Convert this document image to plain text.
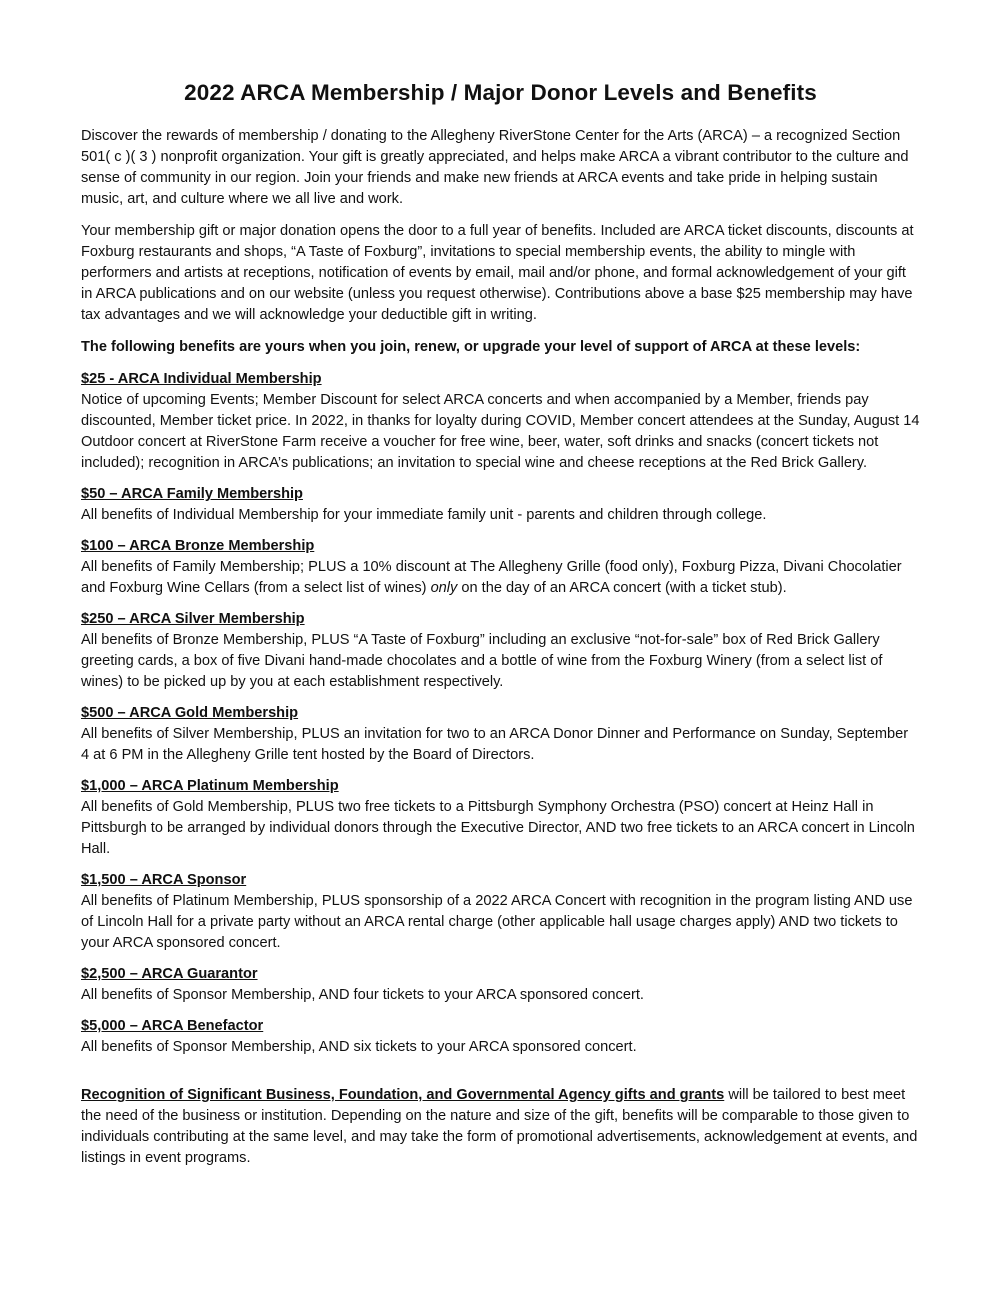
2022 ARCA Membership / Major Donor Levels and Benefits

Discover the rewards of membership / donating to the Allegheny RiverStone Center for the Arts (ARCA) – a recognized Section 501( c )( 3 ) nonprofit organization. Your gift is greatly appreciated, and helps make ARCA a vibrant contributor to the culture and sense of community in our region. Join your friends and make new friends at ARCA events and take pride in helping sustain music, art, and culture where we all live and work.

Your membership gift or major donation opens the door to a full year of benefits. Included are ARCA ticket discounts, discounts at Foxburg restaurants and shops, “A Taste of Foxburg”, invitations to special membership events, the ability to mingle with performers and artists at receptions, notification of events by email, mail and/or phone, and formal acknowledgement of your gift in ARCA publications and on our website (unless you request otherwise). Contributions above a base $25 membership may have tax advantages and we will acknowledge your deductible gift in writing.

The following benefits are yours when you join, renew, or upgrade your level of support of ARCA at these levels:

$25 - ARCA Individual Membership
Notice of upcoming Events; Member Discount for select ARCA concerts and when accompanied by a Member, friends pay discounted, Member ticket price. In 2022, in thanks for loyalty during COVID, Member concert attendees at the Sunday, August 14 Outdoor concert at RiverStone Farm receive a voucher for free wine, beer, water, soft drinks and snacks (concert tickets not included); recognition in ARCA’s publications; an invitation to special wine and cheese receptions at the Red Brick Gallery.
$50 – ARCA Family Membership
All benefits of Individual Membership for your immediate family unit - parents and children through college.
$100 – ARCA Bronze Membership
All benefits of Family Membership; PLUS a 10% discount at The Allegheny Grille (food only), Foxburg Pizza, Divani Chocolatier and Foxburg Wine Cellars (from a select list of wines) only on the day of an ARCA concert (with a ticket stub).
$250 – ARCA Silver Membership
All benefits of Bronze Membership, PLUS “A Taste of Foxburg” including an exclusive “not-for-sale” box of Red Brick Gallery greeting cards, a box of five Divani hand-made chocolates and a bottle of wine from the Foxburg Winery (from a select list of wines) to be picked up by you at each establishment respectively.
$500 – ARCA Gold Membership
All benefits of Silver Membership, PLUS an invitation for two to an ARCA Donor Dinner and Performance on Sunday, September 4 at 6 PM in the Allegheny Grille tent hosted by the Board of Directors.
$1,000 – ARCA Platinum Membership
All benefits of Gold Membership, PLUS two free tickets to a Pittsburgh Symphony Orchestra (PSO) concert at Heinz Hall in Pittsburgh to be arranged by individual donors through the Executive Director, AND two free tickets to an ARCA concert in Lincoln Hall.
$1,500 – ARCA Sponsor
All benefits of Platinum Membership, PLUS sponsorship of a 2022 ARCA Concert with recognition in the program listing AND use of Lincoln Hall for a private party without an ARCA rental charge (other applicable hall usage charges apply) AND two tickets to your ARCA sponsored concert.
$2,500 – ARCA Guarantor
All benefits of Sponsor Membership, AND four tickets to your ARCA sponsored concert.
$5,000 – ARCA Benefactor
All benefits of Sponsor Membership, AND six tickets to your ARCA sponsored concert.

Recognition of Significant Business, Foundation, and Governmental Agency gifts and grants will be tailored to best meet the need of the business or institution. Depending on the nature and size of the gift, benefits will be comparable to those given to individuals contributing at the same level, and may take the form of promotional advertisements, acknowledgement at events, and listings in event programs.
